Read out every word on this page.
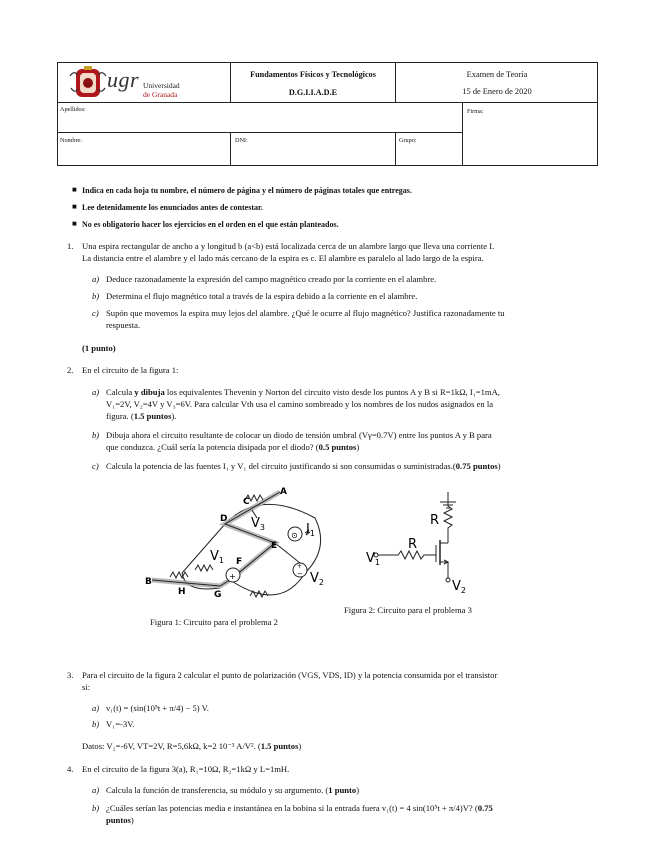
ugr Universidad
de Granada
Fundamentos Físicos y Tecnológicos
D.G.I.I.A.D.E
Examen de Teoría
15 de Enero de 2020
Apellidos:	Firma:
Nombre:	DNI:	Grupo:
■ Indica en cada hoja tu nombre, el número de página y el número de páginas totales que entregas.
■ Lee detenidamente los enunciados antes de contestar.
■ No es obligatorio hacer los ejercicios en el orden en el que están planteados.
1. Una espira rectangular de ancho a y longitud b (a<b) está localizada cerca de un alambre largo que lleva una corriente I.
La distancia entre el alambre y el lado más cercano de la espira es c. El alambre es paralelo al lado largo de la espira.
a) Deduce razonadamente la expresión del campo magnético creado por la corriente en el alambre.
b) Determina el flujo magnético total a través de la espira debido a la corriente en el alambre.
c) Supón que movemos la espira muy lejos del alambre. ¿Qué le ocurre al flujo magnético? Justifica razonadamente tu
respuesta.
(1 punto)
2. En el circuito de la figura 1:
a) Calcula y dibuja los equivalentes Thevenin y Norton del circuito visto desde los puntos A y B si R=1kΩ, I₁=1mA,
V₁=2V, V₂=4V y V₃=6V. Para calcular Vth usa el camino sombreado y los nombres de los nudos asignados en la
figura. (1.5 puntos).
b) Dibuja ahora el circuito resultante de colocar un diodo de tensión umbral (Vγ=0.7V) entre los puntos A y B para
que conduzca. ¿Cuál sería la potencia disipada por el diodo? (0.5 puntos)
c) Calcula la potencia de las fuentes I₁ y V₁ del circuito justificando si son consumidas o suministradas.(0.75 puntos)
+
⊙
+
−
A
C
D
E
F
G
H
B
$V_3$	$I_1$
$V_1$
$V_2$
Figura 1: Circuito para el problema 2
R
R
$V_1$
$V_2$
Figura 2: Circuito para el problema 3
3. Para el circuito de la figura 2 calcular el punto de polarización (VGS, VDS, ID) y la potencia consumida por el transistor
si:
a) v₁(t) = (sin(10⁵t + π/4) − 5) V.
b) V₁=-3V.
Datos: V₂=-6V, VT=2V, R=5,6kΩ, k=2 10⁻³ A/V². (1.5 puntos)
4. En el circuito de la figura 3(a), R₁=10Ω, R₂=1kΩ y L=1mH.
a) Calcula la función de transferencia, su módulo y su argumento. (1 punto)
b) ¿Cuáles serían las potencias media e instantánea en la bobina si la entrada fuera v₁(t) = 4 sin(10⁵t + π/4)V? (0.75
puntos)
